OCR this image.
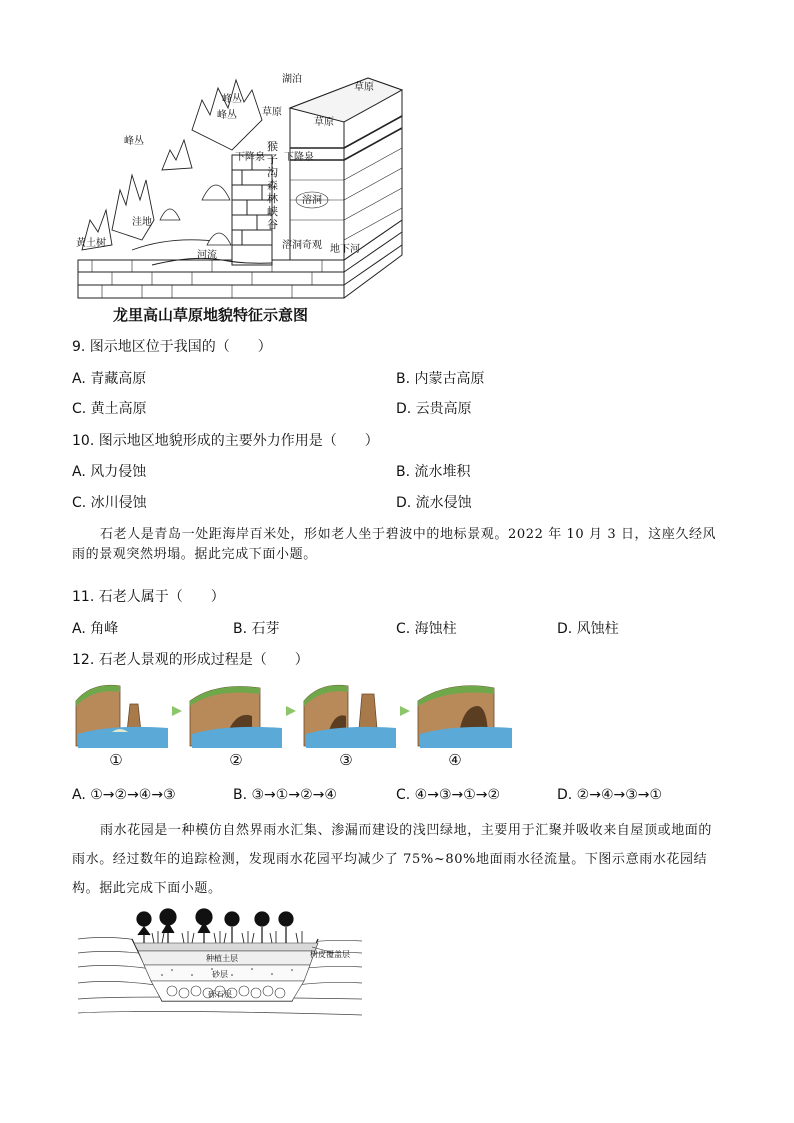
湖泊
草原
草原
草原
峰丛
峰丛
峰丛
下降泉 下降泉
溶洞
洼地
黄土树
河流
溶洞奇观 地下河
猴子沟森林峡谷
龙里高山草原地貌特征示意图
9. 图示地区位于我国的（　　）
A. 青藏高原	B. 内蒙古高原
C. 黄土高原	D. 云贵高原
10. 图示地区地貌形成的主要外力作用是（　　）
A. 风力侵蚀	B. 流水堆积
C. 冰川侵蚀	D. 流水侵蚀
石老人是青岛一处距海岸百米处，形如老人坐于碧波中的地标景观。2022 年 10 月 3 日，这座久经风雨的景观突然坍塌。据此完成下面小题。
11. 石老人属于（　　）
A. 角峰	B. 石芽	C. 海蚀柱	D. 风蚀柱
12. 石老人景观的形成过程是（　　）
①	②	③	④
A. ①→②→④→③	B. ③→①→②→④	C. ④→③→①→②	D. ②→④→③→①
雨水花园是一种模仿自然界雨水汇集、渗漏而建设的浅凹绿地，主要用于汇聚并吸收来自屋顶或地面的雨水。经过数年的追踪检测，发现雨水花园平均减少了 75%~80%地面雨水径流量。下图示意雨水花园结构。据此完成下面小题。
树皮覆盖层
种植土层
砂层
砾石层
